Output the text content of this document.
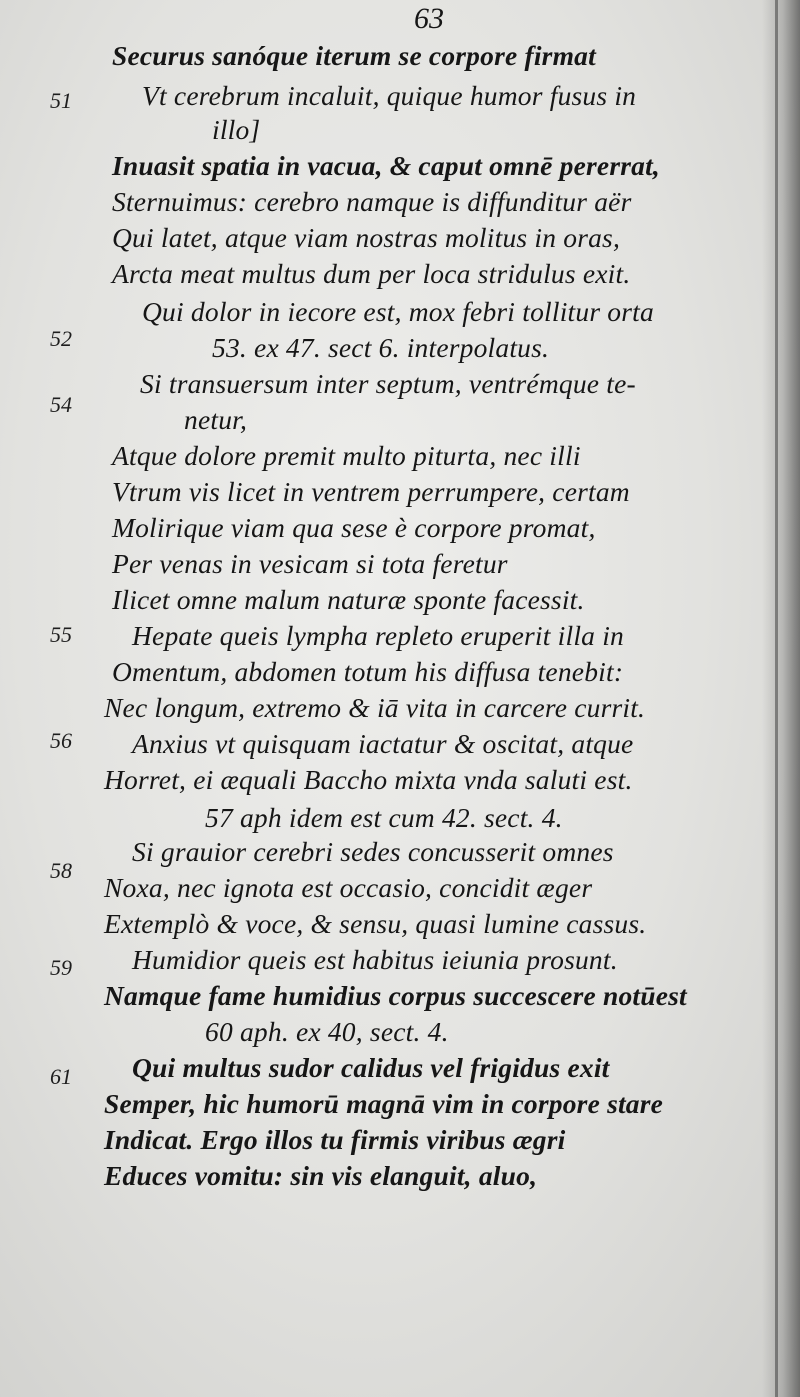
63
51
52
54
55
56
58
59
61
Securus sanóque iterum se corpore firmat
Vt cerebrum incaluit, quique humor fusus in
illo]
Inuasit spatia in vacua, & caput omnē pererrat,
Sternuimus: cerebro namque is diffunditur aër
Qui latet, atque viam nostras molitus in oras,
Arcta meat multus dum per loca stridulus exit.
Qui dolor in iecore est, mox febri tollitur orta
53. ex 47. sect 6. interpolatus.
Si transuersum inter septum, ventrémque te-
netur,
Atque dolore premit multo piturta, nec illi
Vtrum vis licet in ventrem perrumpere, certam
Molirique viam qua sese è corpore promat,
Per venas in vesicam si tota feretur
Ilicet omne malum naturæ sponte facessit.
Hepate queis lympha repleto eruperit illa in
Omentum, abdomen totum his diffusa tenebit:
Nec longum, extremo & iā vita in carcere currit.
Anxius vt quisquam iactatur & oscitat, atque
Horret, ei æquali Baccho mixta vnda saluti est.
57 aph idem est cum 42. sect. 4.
Si grauior cerebri sedes concusserit omnes
Noxa, nec ignota est occasio, concidit æger
Extemplò & voce, & sensu, quasi lumine cassus.
Humidior queis est habitus ieiunia prosunt.
Namque fame humidius corpus succescere notūest
60 aph. ex 40, sect. 4.
Qui multus sudor calidus vel frigidus exit
Semper, hic humorū magnā vim in corpore stare
Indicat. Ergo illos tu firmis viribus ægri
Educes vomitu: sin vis elanguit, aluo,
